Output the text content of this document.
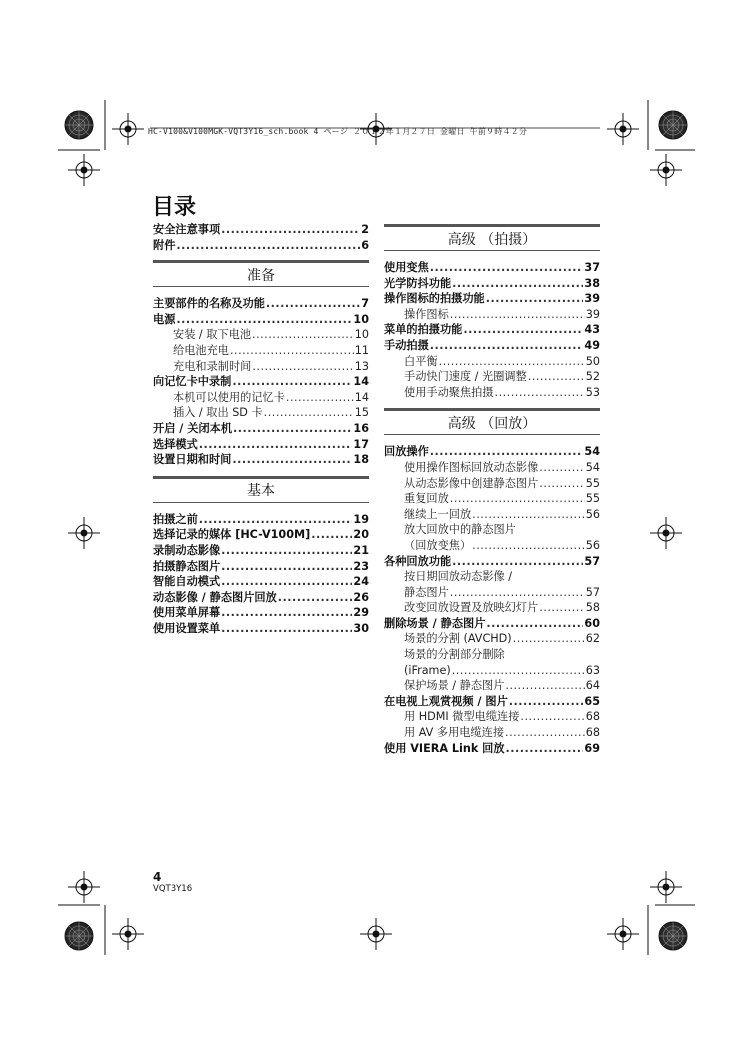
HC-V100&V100MGK-VQT3Y16_sch.book 4 ページ ２０１２年１月２７日 金曜日 午前９時４２分
目录
安全注意事项 .....	2
附件 .....	6
准备
主要部件的名称及功能 .....	7
电源 .....	10
安装 / 取下电池 .....	10
给电池充电 .....	11
充电和录制时间 .....	13
向记忆卡中录制 .....	14
本机可以使用的记忆卡 .....	14
插入 / 取出 SD 卡 .....	15
开启 / 关闭本机 .....	16
选择模式 .....	17
设置日期和时间 .....	18
基本
拍摄之前 .....	19
选择记录的媒体 [HC-V100M] .....	20
录制动态影像 .....	21
拍摄静态图片 .....	23
智能自动模式 .....	24
动态影像 / 静态图片回放 .....	26
使用菜单屏幕 .....	29
使用设置菜单 .....	30
高级 （拍摄）
使用变焦 .....	37
光学防抖功能 .....	38
操作图标的拍摄功能 .....	39
操作图标 .....	39
菜单的拍摄功能 .....	43
手动拍摄 .....	49
白平衡 .....	50
手动快门速度 / 光圈调整 .....	52
使用手动聚焦拍摄 .....	53
高级 （回放）
回放操作 .....	54
使用操作图标回放动态影像 .....	54
从动态影像中创建静态图片 .....	55
重复回放 .....	55
继续上一回放 .....	56
放大回放中的静态图片
（回放变焦） .....	56
各种回放功能 .....	57
按日期回放动态影像 /
静态图片 .....	57
改变回放设置及放映幻灯片 .....	58
删除场景 / 静态图片 .....	60
场景的分割 (AVCHD) .....	62
场景的分割部分删除
(iFrame) .....	63
保护场景 / 静态图片 .....	64
在电视上观赏视频 / 图片 .....	65
用 HDMI 微型电缆连接 .....	68
用 AV 多用电缆连接 .....	68
使用 VIERA Link 回放 .....	69
4
VQT3Y16
